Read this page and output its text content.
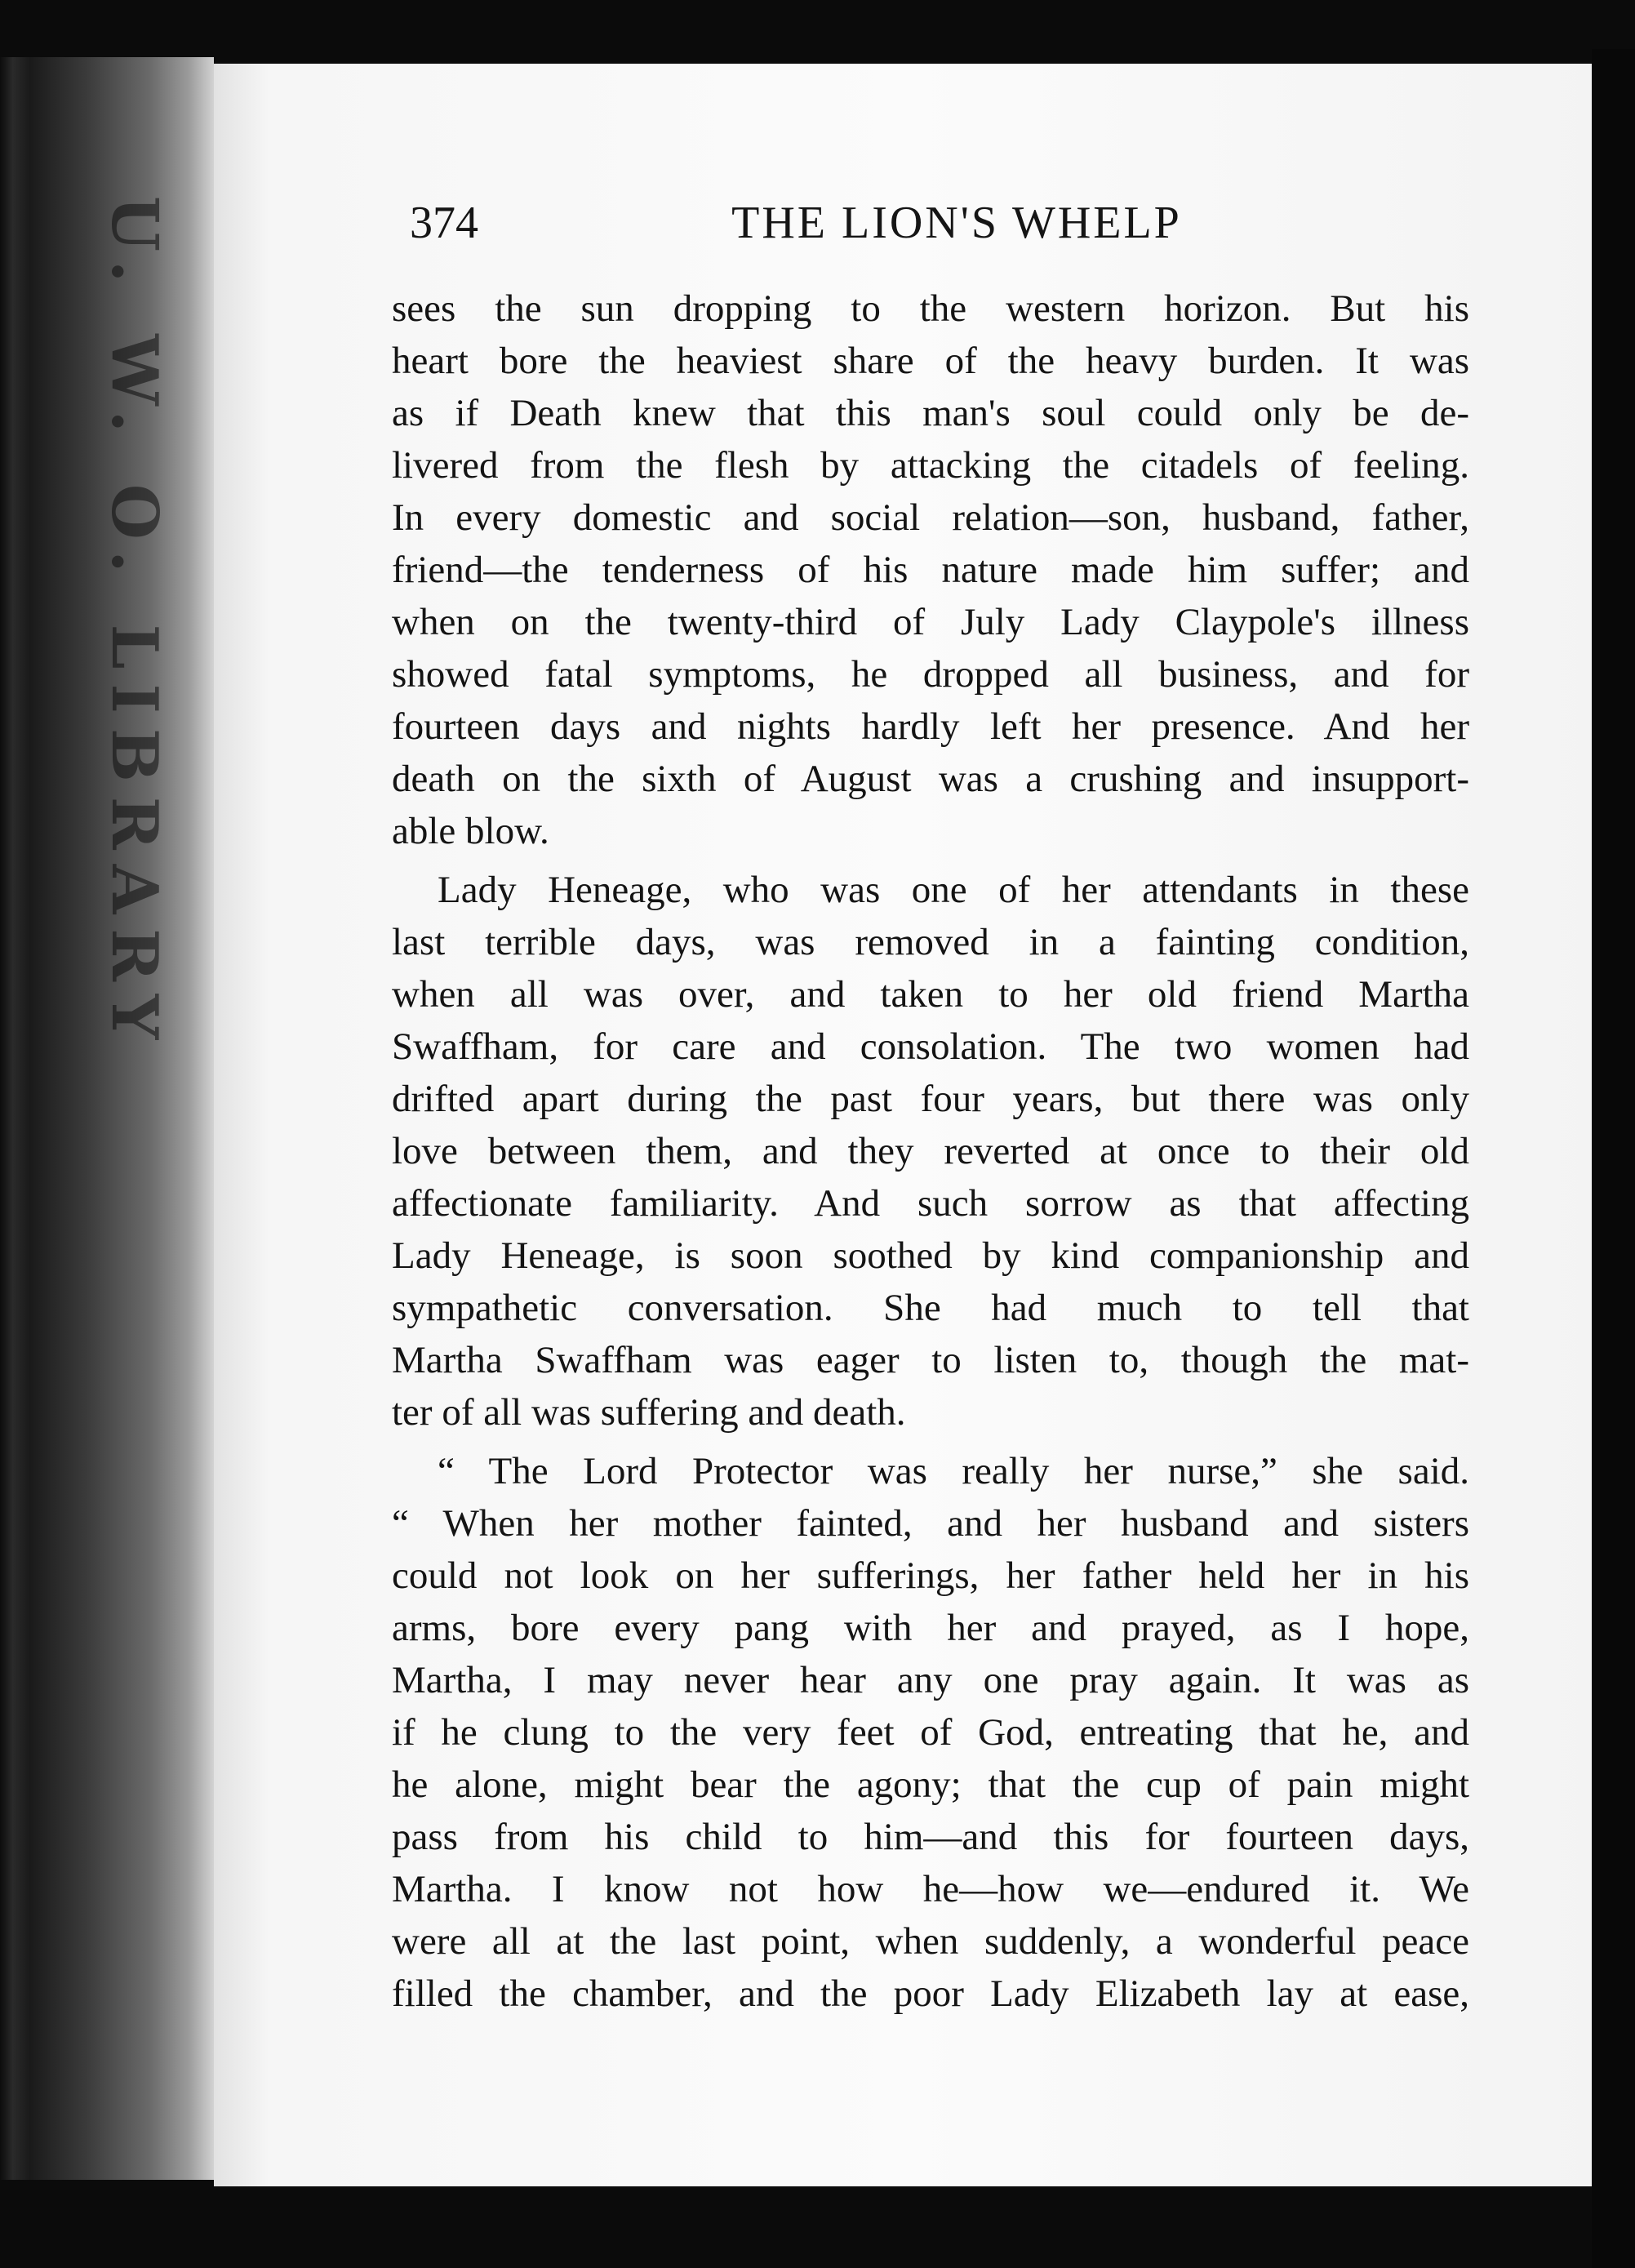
U. W. O. LIBRARY	374	THE LION'S WHELP

sees the sun dropping to the western horizon. But his
heart bore the heaviest share of the heavy burden. It was
as if Death knew that this man's soul could only be de-
livered from the flesh by attacking the citadels of feeling.
In every domestic and social relation—son, husband, father,
friend—the tenderness of his nature made him suffer; and
when on the twenty-third of July Lady Claypole's illness
showed fatal symptoms, he dropped all business, and for
fourteen days and nights hardly left her presence. And her
death on the sixth of August was a crushing and insupport-
able blow.

Lady Heneage, who was one of her attendants in these
last terrible days, was removed in a fainting condition,
when all was over, and taken to her old friend Martha
Swaffham, for care and consolation. The two women had
drifted apart during the past four years, but there was only
love between them, and they reverted at once to their old
affectionate familiarity. And such sorrow as that affecting
Lady Heneage, is soon soothed by kind companionship and
sympathetic conversation. She had much to tell that
Martha Swaffham was eager to listen to, though the mat-
ter of all was suffering and death.

“ The Lord Protector was really her nurse,” she said.
“ When her mother fainted, and her husband and sisters
could not look on her sufferings, her father held her in his
arms, bore every pang with her and prayed, as I hope,
Martha, I may never hear any one pray again. It was as
if he clung to the very feet of God, entreating that he, and
he alone, might bear the agony; that the cup of pain might
pass from his child to him—and this for fourteen days,
Martha. I know not how he—how we—endured it. We
were all at the last point, when suddenly, a wonderful peace
filled the chamber, and the poor Lady Elizabeth lay at ease,
